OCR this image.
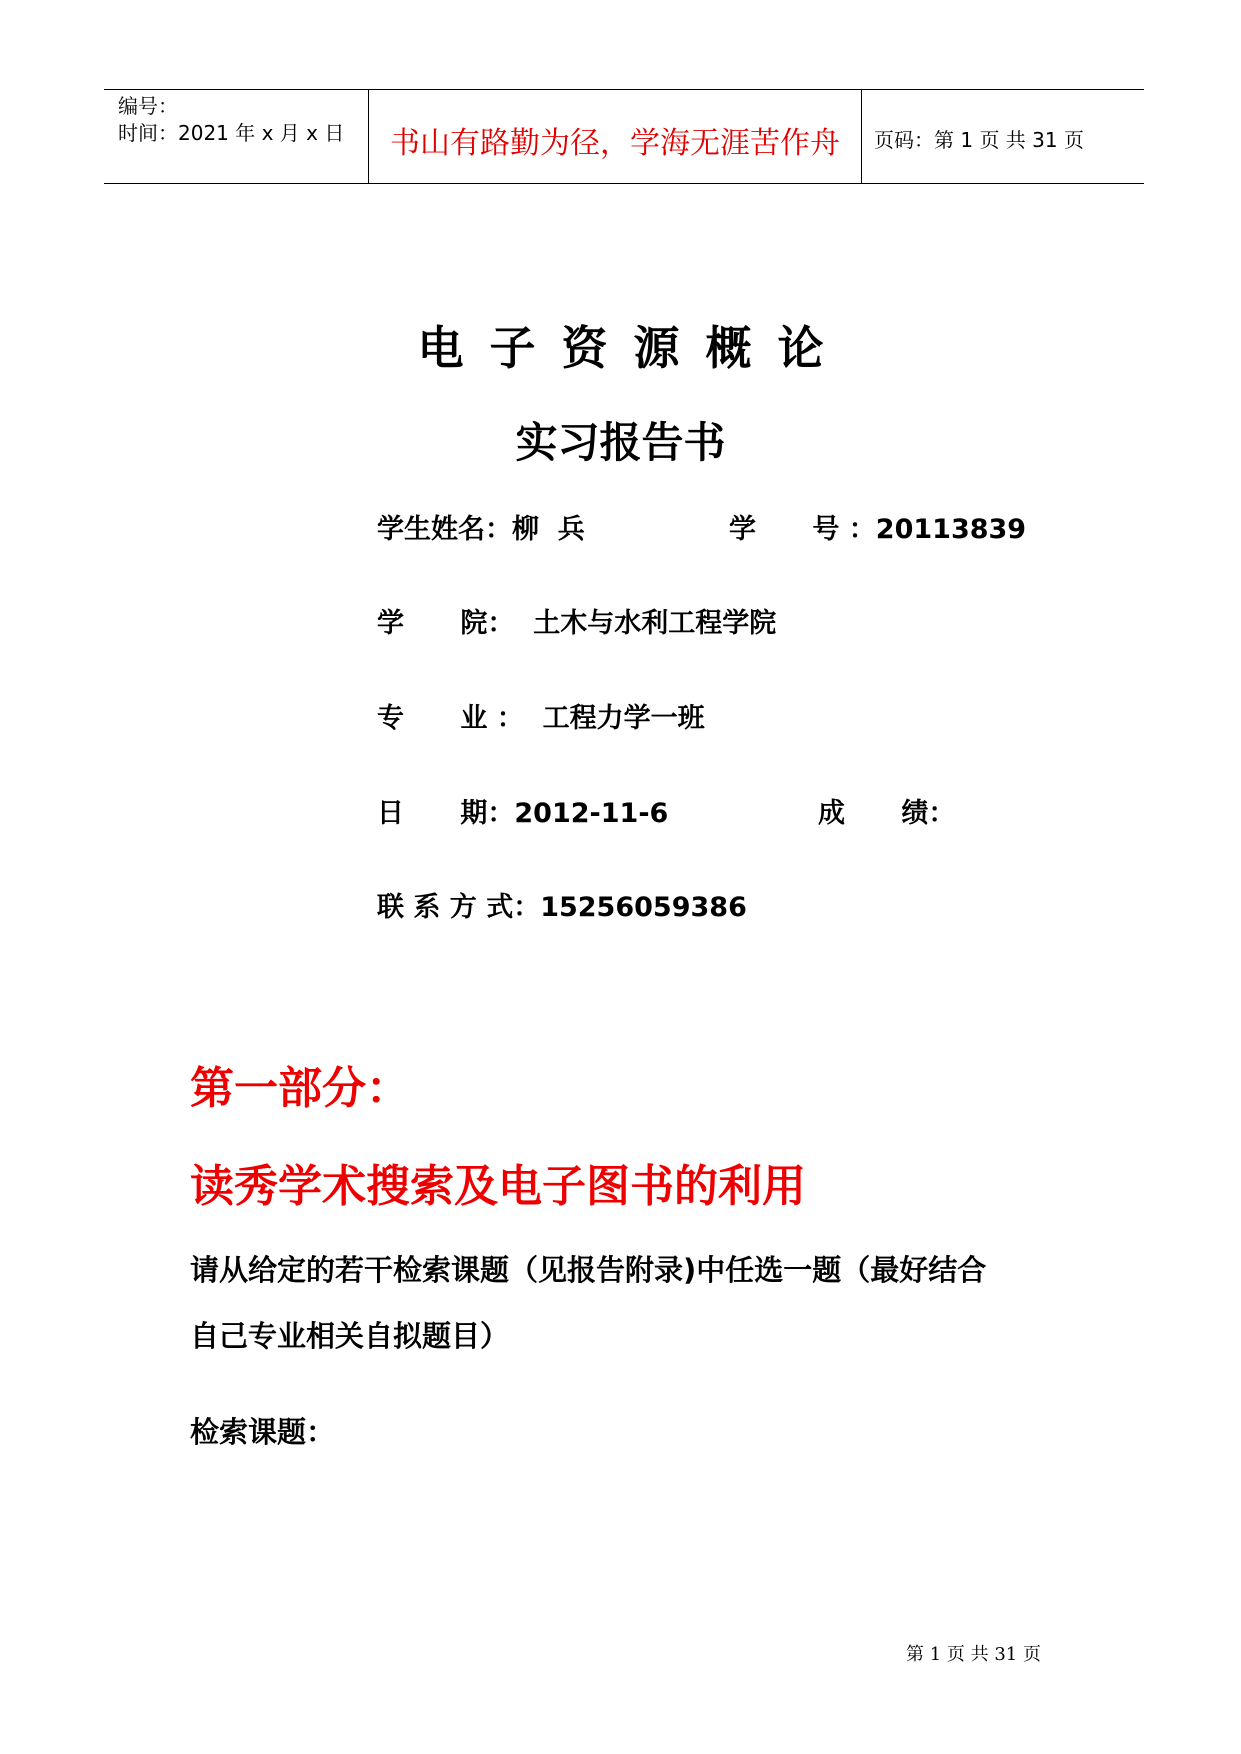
编号：
时间：2021 年 x 月 x 日	书山有路勤为径，学海无涯苦作舟	页码：第 1 页 共 31 页
电子资源概论
实习报告书
学生姓名：柳  兵	学      号 ：20113839
学      院：  土木与水利工程学院
专      业 ：  工程力学一班
日      期：2012-11-6	成      绩：
联 系 方 式：15256059386
第一部分：
读秀学术搜索及电子图书的利用
请从给定的若干检索课题（见报告附录)中任选一题（最好结合
自己专业相关自拟题目）
检索课题：
第 1 页 共 31 页
